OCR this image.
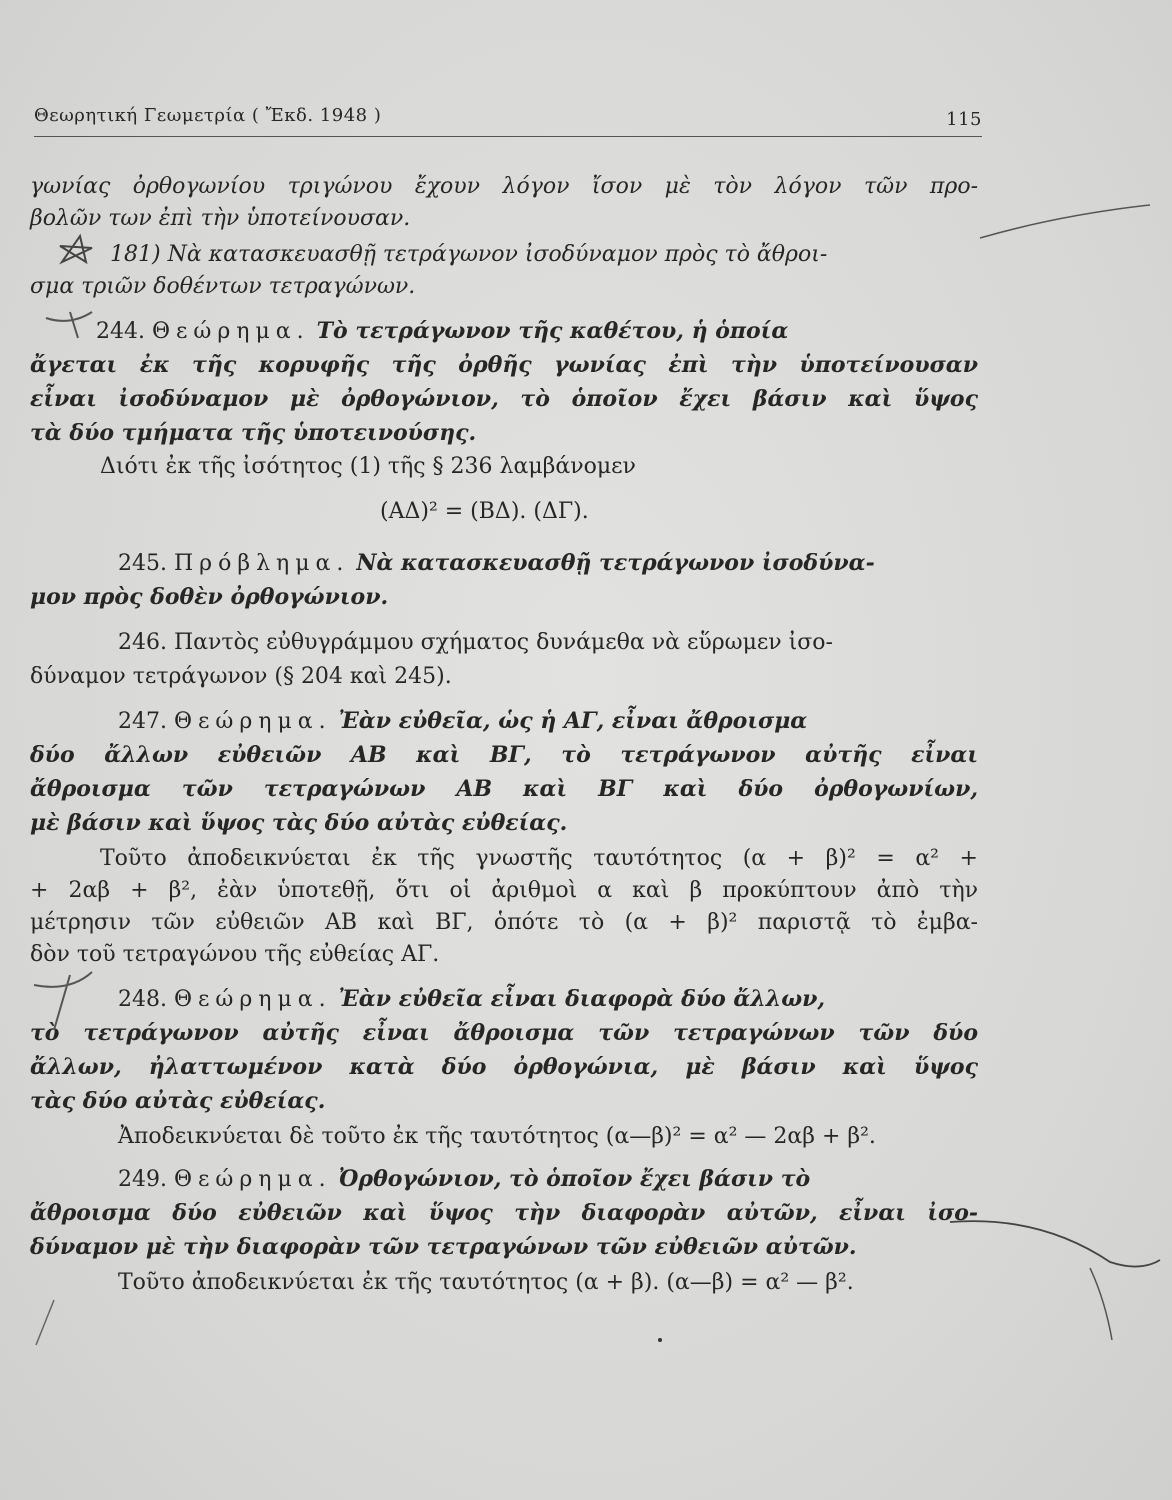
Θεωρητική Γεωμετρία ( Ἔκδ. 1948 )	115
γωνίας ὀρθογωνίου τριγώνου ἔχουν λόγον ἴσον μὲ τὸν λόγον τῶν προ-
βολῶν των ἐπὶ τὴν ὑποτείνουσαν.
181) Νὰ κατασκευασθῇ τετράγωνον ἰσοδύναμον πρὸς τὸ ἄθροι-
σμα τριῶν δοθέντων τετραγώνων.
244. Θεώρημα. Τὸ τετράγωνον τῆς καθέτου, ἡ ὁποία
ἄγεται ἐκ τῆς κορυφῆς τῆς ὀρθῆς γωνίας ἐπὶ τὴν ὑποτείνουσαν
εἶναι ἰσοδύναμον μὲ ὀρθογώνιον, τὸ ὁποῖον ἔχει βάσιν καὶ ὕψος
τὰ δύο τμήματα τῆς ὑποτεινούσης.
Διότι ἐκ τῆς ἰσότητος (1) τῆς § 236 λαμβάνομεν
(ΑΔ)² = (ΒΔ). (ΔΓ).
245. Πρόβλημα. Νὰ κατασκευασθῇ τετράγωνον ἰσοδύνα-
μον πρὸς δοθὲν ὀρθογώνιον.
246. Παντὸς εὐθυγράμμου σχήματος δυνάμεθα νὰ εὕρωμεν ἰσο-
δύναμον τετράγωνον (§ 204 καὶ 245).
247. Θεώρημα. Ἐὰν εὐθεῖα, ὡς ἡ ΑΓ, εἶναι ἄθροισμα
δύο ἄλλων εὐθειῶν ΑΒ καὶ ΒΓ, τὸ τετράγωνον αὐτῆς εἶναι
ἄθροισμα τῶν τετραγώνων ΑΒ καὶ ΒΓ καὶ δύο ὀρθογωνίων,
μὲ βάσιν καὶ ὕψος τὰς δύο αὐτὰς εὐθείας.
Τοῦτο ἀποδεικνύεται ἐκ τῆς γνωστῆς ταυτότητος (α + β)² = α² +
+ 2αβ + β², ἐὰν ὑποτεθῇ, ὅτι οἱ ἀριθμοὶ α καὶ β προκύπτουν ἀπὸ τὴν
μέτρησιν τῶν εὐθειῶν ΑΒ καὶ ΒΓ, ὁπότε τὸ (α + β)² παριστᾷ τὸ ἐμβα-
δὸν τοῦ τετραγώνου τῆς εὐθείας ΑΓ.
248. Θεώρημα. Ἐὰν εὐθεῖα εἶναι διαφορὰ δύο ἄλλων,
τὸ τετράγωνον αὐτῆς εἶναι ἄθροισμα τῶν τετραγώνων τῶν δύο
ἄλλων, ἠλαττωμένον κατὰ δύο ὀρθογώνια, μὲ βάσιν καὶ ὕψος
τὰς δύο αὐτὰς εὐθείας.
Ἀποδεικνύεται δὲ τοῦτο ἐκ τῆς ταυτότητος (α—β)² = α² — 2αβ + β².
249. Θεώρημα. Ὀρθογώνιον, τὸ ὁποῖον ἔχει βάσιν τὸ
ἄθροισμα δύο εὐθειῶν καὶ ὕψος τὴν διαφορὰν αὐτῶν, εἶναι ἰσο-
δύναμον μὲ τὴν διαφορὰν τῶν τετραγώνων τῶν εὐθειῶν αὐτῶν.
Τοῦτο ἀποδεικνύεται ἐκ τῆς ταυτότητος (α + β). (α—β) = α² — β².
